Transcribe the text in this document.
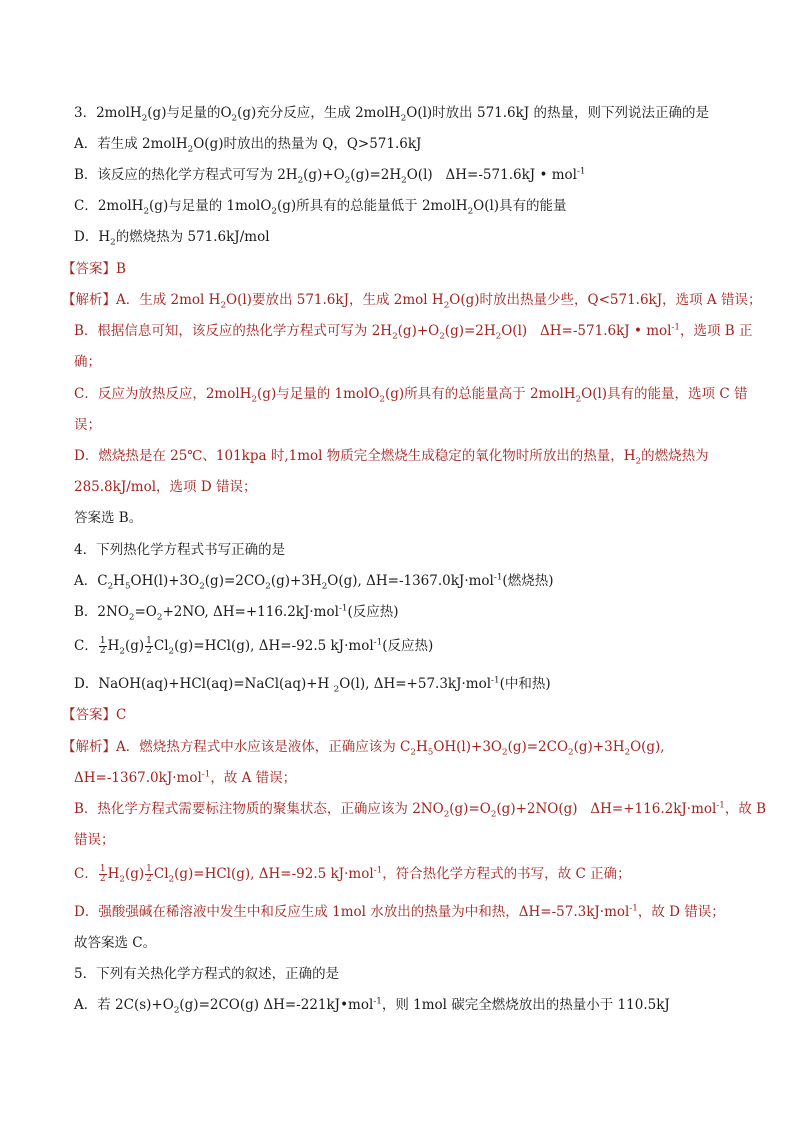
3．2molH$_2$(g)与足量的$O_2(g)$充分反应，生成 2molH$_2$O(l)时放出 571.6kJ 的热量，则下列说法正确的是
A．若生成 2molH$_2$O(g)时放出的热量为 Q，Q>571.6kJ
B．该反应的热化学方程式可写为 $2H_2(g)+O_2(g)=2H_2O(l)$   ΔH=-571.6kJ • mol$^{-1}$
C．2molH$_2$(g)与足量的 1molO$_2$(g)所具有的总能量低于 2molH$_2$O(l)具有的能量
D．$H_2$的燃烧热为 571.6kJ/mol
【答案】B
【解析】A．生成 2mol $H_2O(l)$要放出 571.6kJ，生成 2mol $H_2O(g)$时放出热量少些，Q<571.6kJ，选项 A 错误；
B．根据信息可知，该反应的热化学方程式可写为 $2H_2(g)+O_2(g)=2H_2O(l)$   ΔH=-571.6kJ • mol$^{-1}$，选项 B 正
确；
C．反应为放热反应，2molH$_2$(g)与足量的 1molO$_2$(g)所具有的总能量高于 2molH$_2$O(l)具有的能量，选项 C 错
误；
D．燃烧热是在 25℃、101kpa 时,1mol 物质完全燃烧生成稳定的氧化物时所放出的热量，$H_2$的燃烧热为
285.8kJ/mol，选项 D 错误；
答案选 B。
4．下列热化学方程式书写正确的是
A．$C_2H_5OH(l)+3O_2(g)=2CO_2(g)+3H_2O(g)$, ΔH=-1367.0kJ·mol$^{-1}$(燃烧热)
B．$2NO_2=O_2+2NO$, ΔH=+116.2kJ·mol$^{-1}$(反应热)
C． $\frac{1}{2} H_2(g) \frac{1}{2} Cl_2(g)=HCl(g)$, ΔH=-92.5 kJ·mol$^{-1}$(反应热)
D．NaOH(aq)+HCl(aq)=NaCl(aq)+H $_2$O(l), ΔH=+57.3kJ·mol$^{-1}$(中和热)
【答案】C
【解析】A．燃烧热方程式中水应该是液体，正确应该为 $C_2H_5OH(l)+3O_2(g)=2CO_2(g)+3H_2O(g)$,
ΔH=-1367.0kJ·mol$^{-1}$，故 A 错误；
B．热化学方程式需要标注物质的聚集状态，正确应该为 $2NO_2(g)=O_2(g)+2NO(g)$   ΔH=+116.2kJ·mol$^{-1}$，故 B
错误；
C． $\frac{1}{2} H_2(g) \frac{1}{2} Cl_2(g)=HCl(g)$, ΔH=-92.5 kJ·mol$^{-1}$，符合热化学方程式的书写，故 C 正确；
D．强酸强碱在稀溶液中发生中和反应生成 1mol 水放出的热量为中和热，ΔH=-57.3kJ·mol$^{-1}$，故 D 错误；
故答案选 C。
5．下列有关热化学方程式的叙述，正确的是
A．若 $2C(s)+O_2(g)=2CO(g)$ ΔH=-221kJ•mol$^{-1}$，则 1mol 碳完全燃烧放出的热量小于 110.5kJ
